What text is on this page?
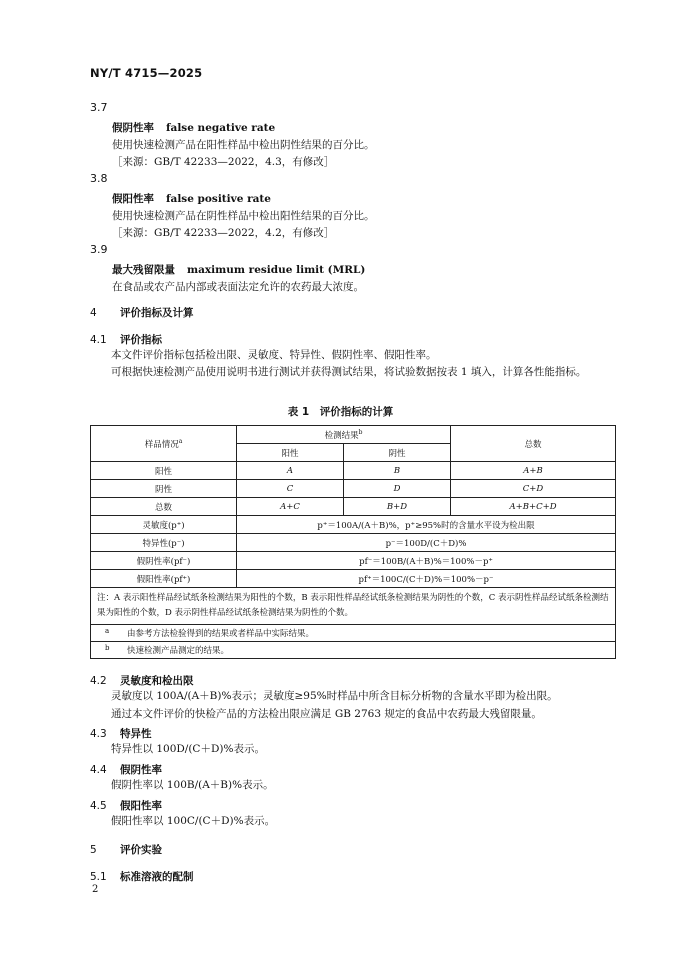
NY/T 4715—2025
3.7
假阴性率 false negative rate
使用快速检测产品在阳性样品中检出阴性结果的百分比。
［来源：GB/T 42233—2022，4.3，有修改］
3.8
假阳性率 false positive rate
使用快速检测产品在阴性样品中检出阳性结果的百分比。
［来源：GB/T 42233—2022，4.2，有修改］
3.9
最大残留限量 maximum residue limit (MRL)
在食品或农产品内部或表面法定允许的农药最大浓度。
4 评价指标及计算
4.1 评价指标
本文件评价指标包括检出限、灵敏度、特异性、假阴性率、假阳性率。
可根据快速检测产品使用说明书进行测试并获得测试结果，将试验数据按表 1 填入，计算各性能指标。
表 1　评价指标的计算
样品情况$^a$	检测结果$^b$		总数
	阳性	阴性	
阳性	A	B	A+B
阴性	C	D	C+D
总数	A+C	B+D	A+B+C+D
灵敏度(p⁺)	p⁺＝100A/(A＋B)%，p⁺≥95%时的含量水平设为检出限		
特异性(p⁻)	p⁻＝100D/(C＋D)%		
假阴性率(pf⁻)	pf⁻＝100B/(A＋B)%＝100%－p⁺		
假阳性率(pf⁺)	pf⁺＝100C/(C＋D)%＝100%－p⁻		
注：A 表示阳性样品经试纸条检测结果为阳性的个数，B 表示阳性样品经试纸条检测结果为阴性的个数，C 表示阴性样品经试纸条检测结果为阳性的个数，D 表示阴性样品经试纸条检测结果为阴性的个数。			
a 由参考方法检验得到的结果或者样品中实际结果。			
b 快速检测产品测定的结果。			
4.2 灵敏度和检出限
灵敏度以 100A/(A＋B)%表示；灵敏度≥95%时样品中所含目标分析物的含量水平即为检出限。
通过本文件评价的快检产品的方法检出限应满足 GB 2763 规定的食品中农药最大残留限量。
4.3 特异性
特异性以 100D/(C＋D)%表示。
4.4 假阴性率
假阴性率以 100B/(A＋B)%表示。
4.5 假阳性率
假阳性率以 100C/(C＋D)%表示。
5 评价实验
5.1 标准溶液的配制
2
